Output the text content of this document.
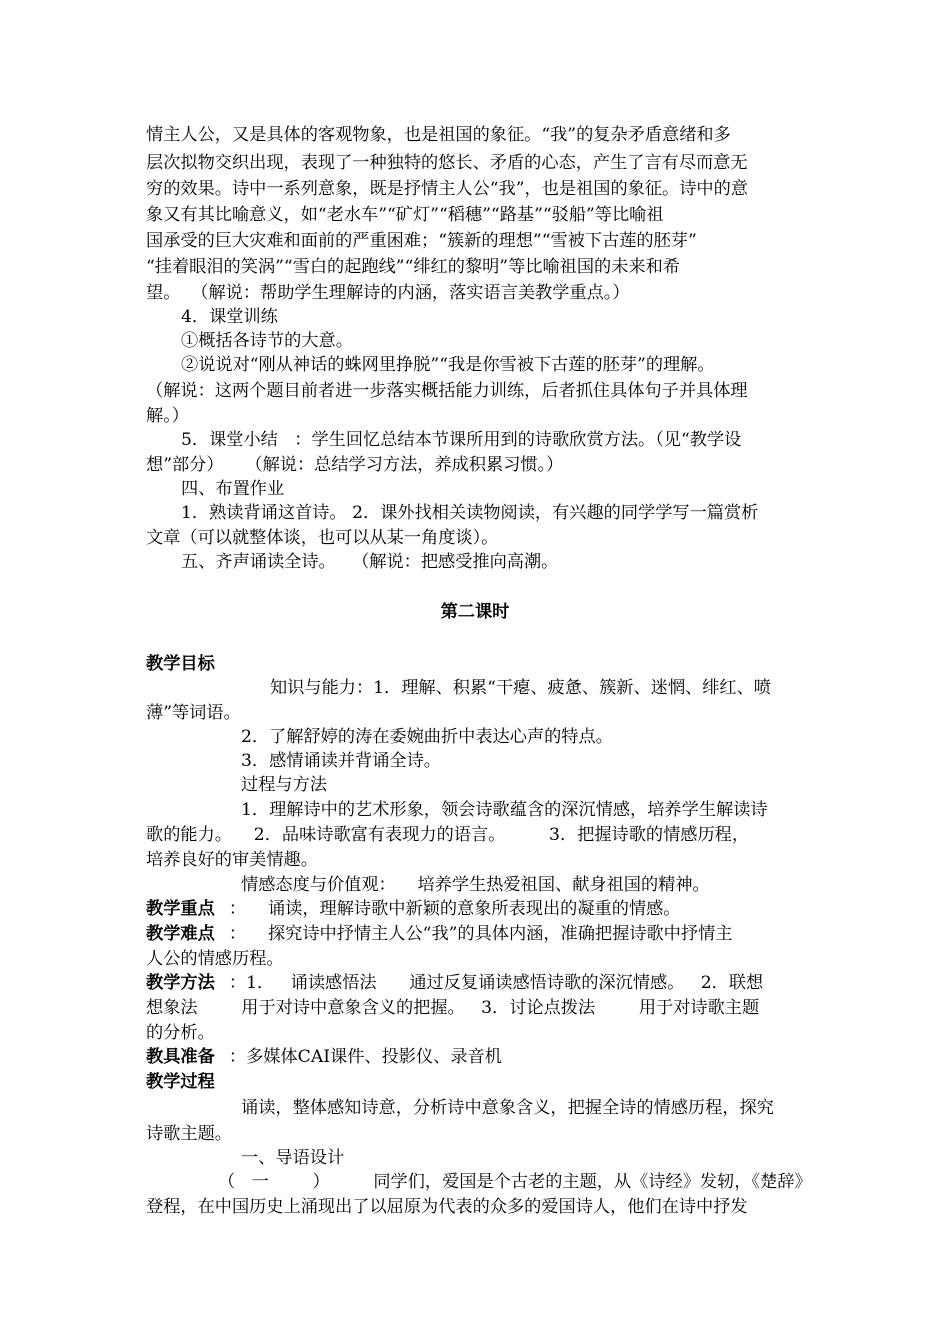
情主人公，又是具体的客观物象，也是祖国的象征。“我”的复杂矛盾意绪和多
层次拟物交织出现，表现了一种独特的悠长、矛盾的心态，产生了言有尽而意无
穷的效果。诗中一系列意象，既是抒情主人公“我”，也是祖国的象征。诗中的意
象又有其比喻意义，如“老水车”“矿灯”“稻穗”“路基”“驳船”等比喻祖
国承受的巨大灾难和面前的严重困难；“簇新的理想”“雪被下古莲的胚芽”
“挂着眼泪的笑涡”“雪白的起跑线”“绯红的黎明”等比喻祖国的未来和希
望。  （解说：帮助学生理解诗的内涵，落实语言美教学重点。）
4．课堂训练
①概括各诗节的大意。
②说说对“刚从神话的蛛网里挣脱”“我是你雪被下古莲的胚芽”的理解。
（解说：这两个题目前者进一步落实概括能力训练，后者抓住具体句子并具体理
解。）
5．课堂小结   ：学生回忆总结本节课所用到的诗歌欣赏方法。（见“教学设
想”部分）    （解说：总结学习方法，养成积累习惯。）
四、布置作业
1．熟读背诵这首诗。 2．课外找相关读物阅读，有兴趣的同学学写一篇赏析
文章（可以就整体谈，也可以从某一角度谈）。
五、齐声诵读全诗。   （解说：把感受推向高潮。
第二课时
教学目标
知识与能力：1．理解、积累“干瘪、疲惫、簇新、迷惘、绯红、喷
薄”等词语。
2．了解舒婷的涛在委婉曲折中表达心声的特点。
3．感情诵读并背诵全诗。
过程与方法
1．理解诗中的艺术形象，领会诗歌蕴含的深沉情感，培养学生解读诗
歌的能力。    2．品味诗歌富有表现力的语言。        3．把握诗歌的情感历程，
培养良好的审美情趣。
情感态度与价值观：    培养学生热爱祖国、献身祖国的精神。
教学重点 ：    诵读，理解诗歌中新颖的意象所表现出的凝重的情感。
教学难点 ：    探究诗中抒情主人公“我”的具体内涵，准确把握诗歌中抒情主
人公的情感历程。
教学方法 ：1．   诵读感悟法      通过反复诵读感悟诗歌的深沉情感。   2．联想
想象法        用于对诗中意象含义的把握。   3．讨论点拨法        用于对诗歌主题
的分析。
教具准备 ：多媒体CAI课件、投影仪、录音机
教学过程
诵读，整体感知诗意，分析诗中意象含义，把握全诗的情感历程，探究
诗歌主题。
一、导语设计
（   一        ）        同学们，爱国是个古老的主题，从《诗经》发轫，《楚辞》
登程，在中国历史上涌现出了以屈原为代表的众多的爱国诗人，他们在诗中抒发
